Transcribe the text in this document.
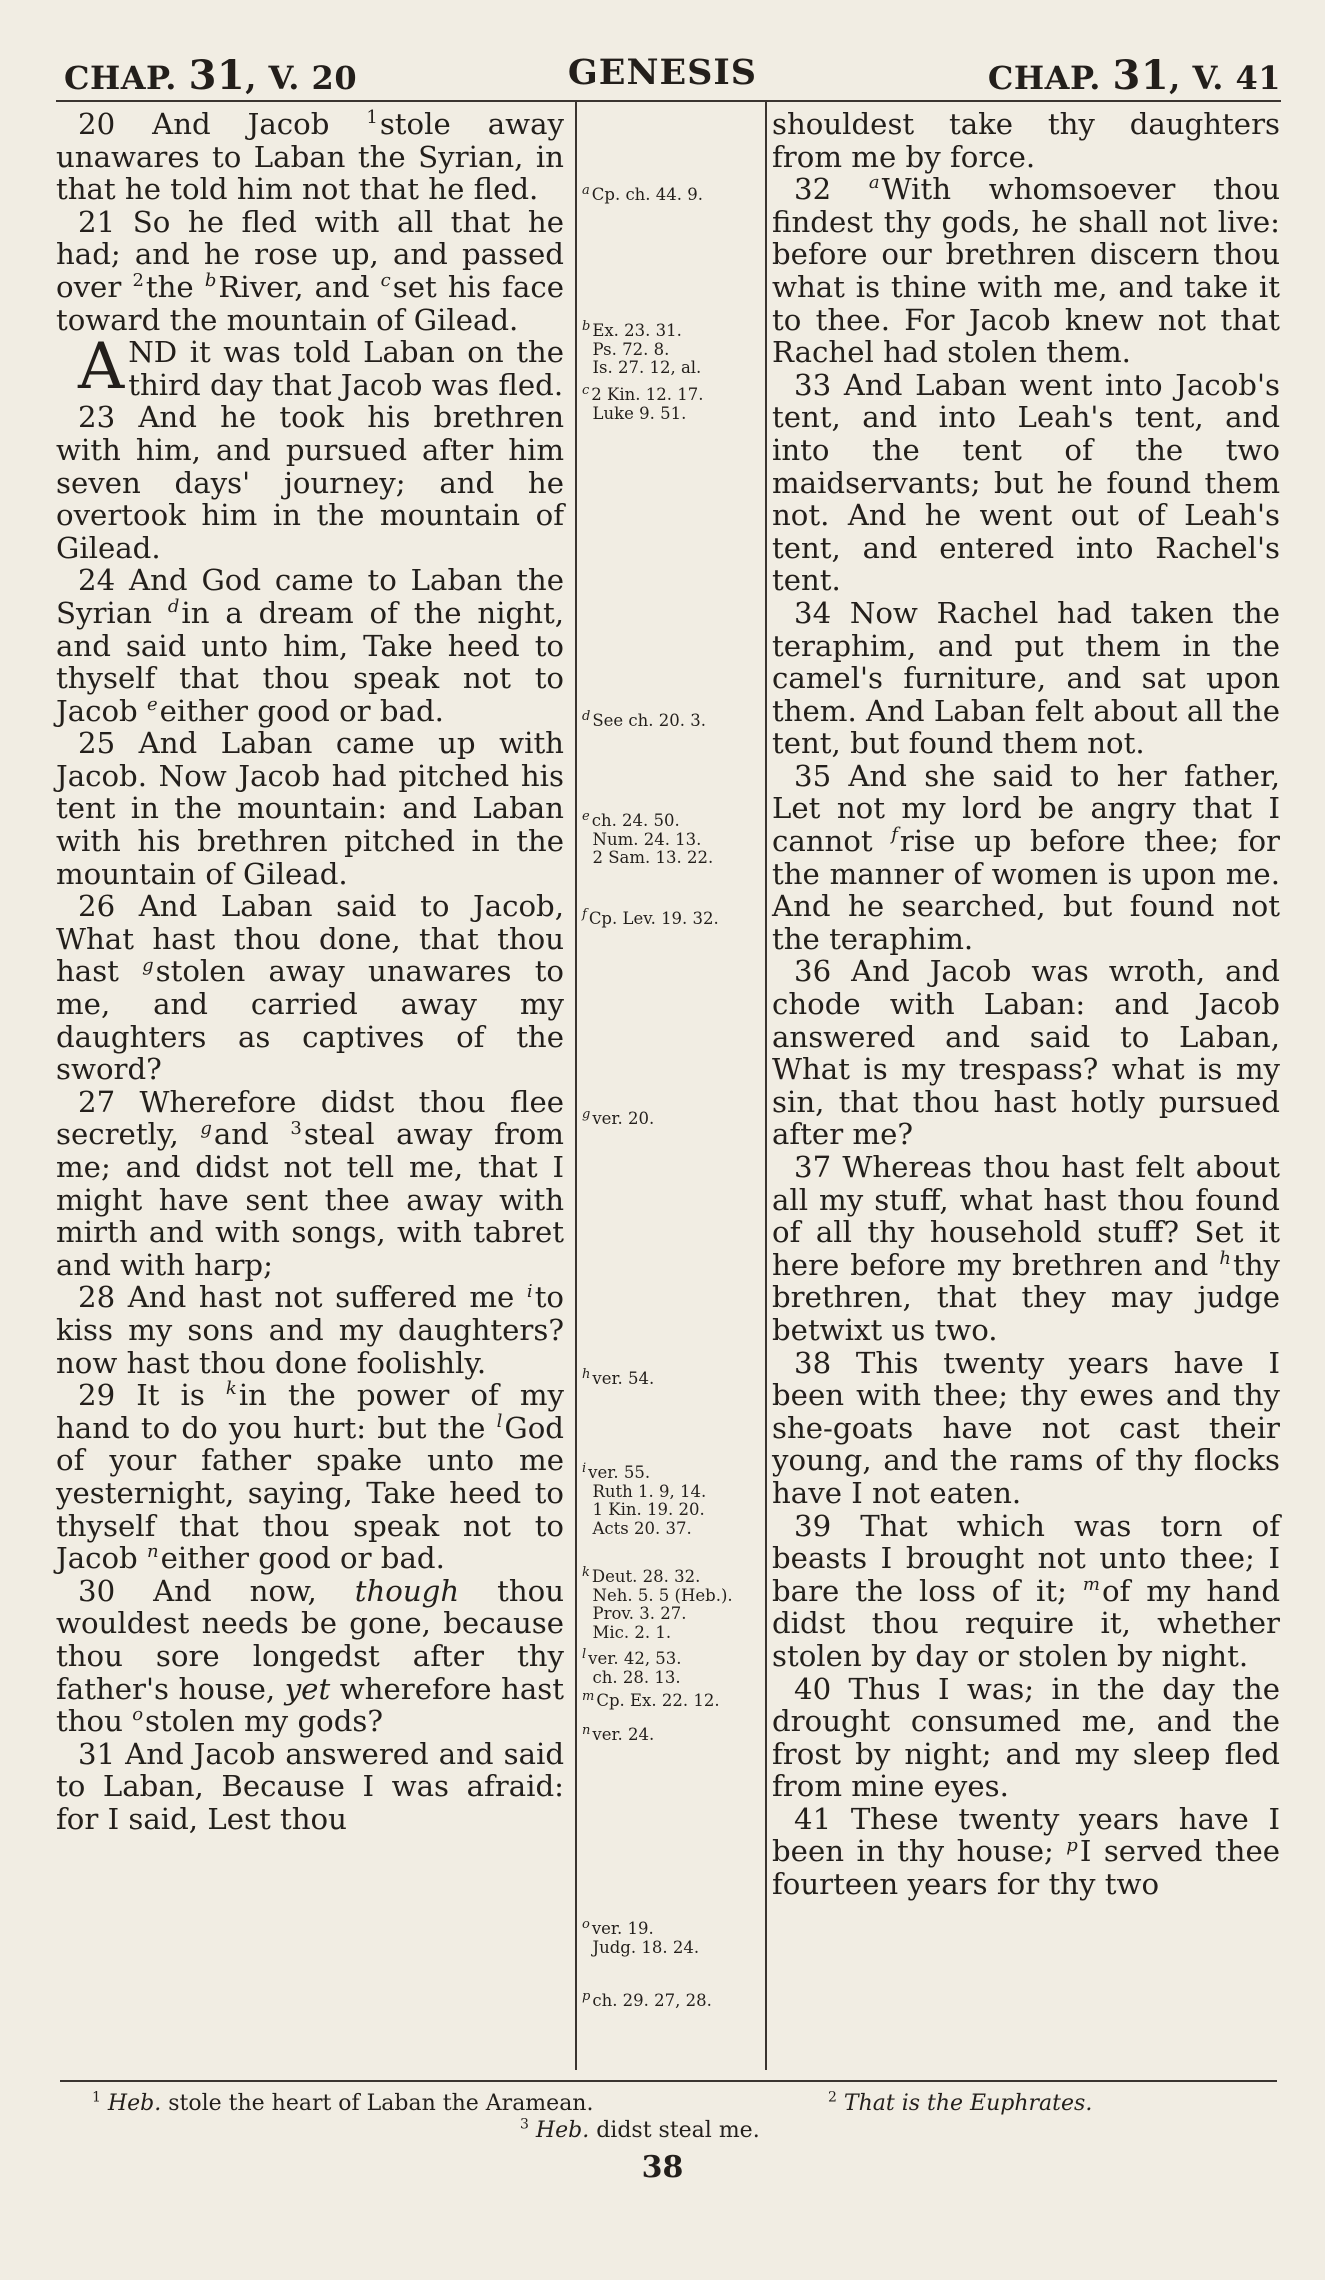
CHAP. 31, V. 20	GENESIS	CHAP. 31, V. 41

20 And Jacob $^1$stole away unawares to Laban the Syrian, in that he told him not that he fled.

21 So he fled with all that he had; and he rose up, and passed over $^2$the $^b$River, and $^c$set his face toward the mountain of Gilead.

AND it was told Laban on the third day that Jacob was fled.

23 And he took his brethren with him, and pursued after him seven days' journey; and he overtook him in the mountain of Gilead.

24 And God came to Laban the Syrian $^d$in a dream of the night, and said unto him, Take heed to thyself that thou speak not to Jacob $^e$either good or bad.

25 And Laban came up with Jacob. Now Jacob had pitched his tent in the mountain: and Laban with his brethren pitched in the mountain of Gilead.

26 And Laban said to Jacob, What hast thou done, that thou hast $^g$stolen away unawares to me, and carried away my daughters as captives of the sword?

27 Wherefore didst thou flee secretly, $^g$and $^3$steal away from me; and didst not tell me, that I might have sent thee away with mirth and with songs, with tabret and with harp;

28 And hast not suffered me $^i$to kiss my sons and my daughters? now hast thou done foolishly.

29 It is $^k$in the power of my hand to do you hurt: but the $^l$God of your father spake unto me yesternight, saying, Take heed to thyself that thou speak not to Jacob $^n$either good or bad.

30 And now, though thou wouldest needs be gone, because thou sore longedst after thy father's house, yet wherefore hast thou $^o$stolen my gods?

31 And Jacob answered and said to Laban, Because I was afraid: for I said, Lest thou

$^a$ Cp. ch. 44. 9.
$^b$ Ex. 23. 31.
Ps. 72. 8.
Is. 27. 12, al.
$^c$ 2 Kin. 12. 17.
Luke 9. 51.
$^d$ See ch. 20. 3.
$^e$ ch. 24. 50.
Num. 24. 13.
2 Sam. 13. 22.
$^f$ Cp. Lev. 19. 32.
$^g$ ver. 20.
$^h$ ver. 54.
$^i$ ver. 55.
Ruth 1. 9, 14.
1 Kin. 19. 20.
Acts 20. 37.
$^k$ Deut. 28. 32.
Neh. 5. 5 (Heb.).
Prov. 3. 27.
Mic. 2. 1.
$^l$ ver. 42, 53.
ch. 28. 13.
$^m$ Cp. Ex. 22. 12.
$^n$ ver. 24.
$^o$ ver. 19.
Judg. 18. 24.
$^p$ ch. 29. 27, 28.

shouldest take thy daughters from me by force.

32 $^a$With whomsoever thou findest thy gods, he shall not live: before our brethren discern thou what is thine with me, and take it to thee. For Jacob knew not that Rachel had stolen them.

33 And Laban went into Jacob's tent, and into Leah's tent, and into the tent of the two maidservants; but he found them not. And he went out of Leah's tent, and entered into Rachel's tent.

34 Now Rachel had taken the teraphim, and put them in the camel's furniture, and sat upon them. And Laban felt about all the tent, but found them not.

35 And she said to her father, Let not my lord be angry that I cannot $^f$rise up before thee; for the manner of women is upon me. And he searched, but found not the teraphim.

36 And Jacob was wroth, and chode with Laban: and Jacob answered and said to Laban, What is my trespass? what is my sin, that thou hast hotly pursued after me?

37 Whereas thou hast felt about all my stuff, what hast thou found of all thy household stuff? Set it here before my brethren and $^h$thy brethren, that they may judge betwixt us two.

38 This twenty years have I been with thee; thy ewes and thy she-goats have not cast their young, and the rams of thy flocks have I not eaten.

39 That which was torn of beasts I brought not unto thee; I bare the loss of it; $^m$of my hand didst thou require it, whether stolen by day or stolen by night.

40 Thus I was; in the day the drought consumed me, and the frost by night; and my sleep fled from mine eyes.

41 These twenty years have I been in thy house; $^p$I served thee fourteen years for thy two

$^1$ Heb. stole the heart of Laban the Aramean.	$^2$ That is the Euphrates.
$^3$ Heb. didst steal me.
38
